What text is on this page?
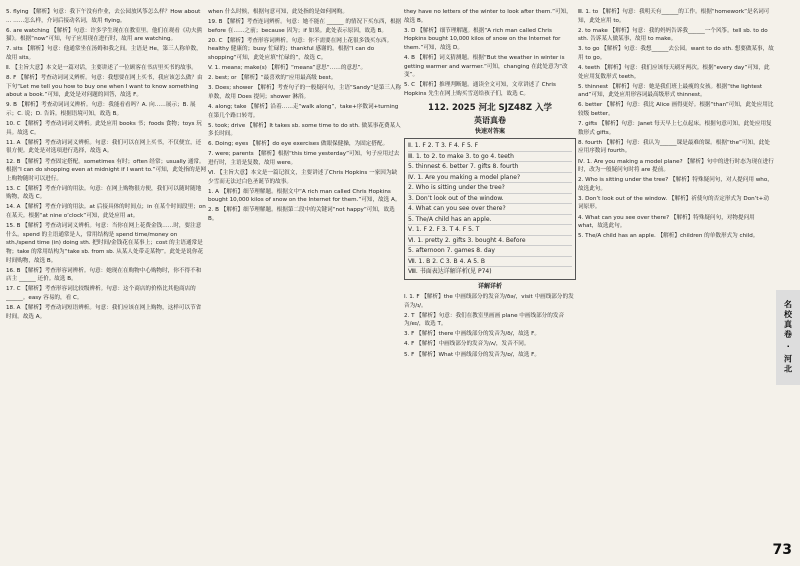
5. flying 【解析】句意：我下午没有作业，去公园放风筝怎么样？How about ... ……怎么样，介词后接动名词，故用 flying。

6. are watching 【解析】句意：许多学生现在在教室里。他们在观看《功夫熊猫》。根据“now”可知，句子应用现在进行时，故用 are watching。

7. sits 【解析】句意：他通常坐在汤姆和我之间。主语是 He，第三人称单数，故用 sits。

Ⅱ. 【主旨大意】本文是一篇对话，主要讲述了一位顾客在书店里买书的故事。

8. F 【解析】考查动词词义辨析。句意：我想要在网上买书，我应该怎么做？由下句“Let me tell you how to buy one when I want to know something about a book.”可知，此处是对问题的回答，故选 F。

9. B 【解析】考查动词词义辨析。句意：我能看看吗？A. 向……展示；B. 展示；C. 说；D. 告诉。根据语境可知，故选 B。

10. C 【解析】考查动词词义辨析。此处应用 books 书；foods 食物；toys 玩具。故选 C。

11. A 【解析】考查动词词义辨析。句意：我们可以在网上买书，不仅便宜，还很方便。此处是对选项进行选择，故选 A。

12. B 【解析】考查固定搭配。sometimes 有时；often 经常；usually 通常。根据“I can do shopping even at midnight if I want to.”可知，此处指的是网上购物随时可以进行。

13. C 【解析】考查介词的用法。句意：在网上购物很方便，我们可以随时随地购物，故选 C。

14. A 【解析】考查介词的用法。at 后接具体的时间点；in 在某个时间段里；on 在某天。根据“at nine o’clock”可知，此处应用 at。

15. B 【解析】考查动词词义辨析。句意：当你在网上花费金钱……时，要注意什么。spend 的主语通常是人，常用结构是 spend time/money on sth./spend time (in) doing sth. 把时间/金钱花在某事上；cost 的主语通常是物；take 的常用结构为“take sb. from sb. 从某人处带走某物”。此处是说你花时间购物，故选 B。

16. B 【解析】考查形容词辨析。句意：她现在在购物中心购物时，你不得不和店主 ______ 还价。故选 B。

17. C 【解析】考查形容词比较级辨析。句意：这个商店的价格比其他商店的 ______。easy 容易的，看 C。

18. A 【解析】考查动词短语辨析。句意：我们应该在网上购物，这样可以节省时间。故选 A。

when 什么时候，根据句意可知，此处指的是如何网购。

19. B 【解析】考查连词辨析。句意：她不能在 ______ 的情况下买东西，根据 before 在……之前；because 因为；if 如果。此处表示原因，故选 B。

20. C 【解析】考查形容词辨析。句意：你不需要在网上花很多钱买东西。healthy 健康的；busy 忙碌的；thankful 感谢的。根据“I can do shopping”可知，此处应填“忙碌的”，故选 C。

V. 1. means; make(s) 【解析】“means”意思“……的意思”。

2. best; or 【解析】“最喜欢的”应用最高级 best。

3. Does; shower 【解析】考查句子的一般疑问句，主语“Sandy”是第三人称单数，故用 Does 提问；shower 淋浴。

4. along; take 【解析】沿着……走“walk along”，take+序数词+turning 在第几个路口转弯。

5. took; drive 【解析】It takes sb. some time to do sth. 做某事花费某人多长时间。

6. Doing; eyes 【解析】do eye exercises 做眼保健操，为固定搭配。

7. were; parents 【解析】根据“this time yesterday”可知，句子应用过去进行时，主语是复数，故用 were。

VI. 【主旨大意】本文是一篇记叙文，主要讲述了Chris Hopkins 一家因为缺少雪而无法过白色圣诞节的故事。

1. A 【解析】细节理解题。根据文中“A rich man called Chris Hopkins bought 10,000 kilos of snow on the Internet for them.”可知，故选 A。

2. B 【解析】细节理解题。根据第二段中的关键词“not happy”可知，故选 B。

they have no letters of the winter to look after them.”可知，故选 B。

3. D 【解析】细节理解题。根据“A rich man called Chris Hopkins bought 10,000 kilos of snow on the Internet for them.”可知，故选 D。

4. B 【解析】词义猜测题。根据“But the weather in winter is getting warmer and warmer.”可知，changing 在此处意为“改变”。

5. C 【解析】推理判断题。通读全文可知，文章讲述了 Chris Hopkins 先生在网上购买雪送给孩子们，故选 C。

112. 2025 河北 SJZ48Z 入学
英语真卷
快速对答案

Ⅱ. 1. F 2. T 3. F 4. F 5. F

Ⅲ. 1. to 2. to make 3. to go 4. teeth

5. thinnest 6. better 7. gifts 8. fourth

Ⅳ. 1. Are you making a model plane?

2. Who is sitting under the tree?

3. Don’t look out of the window.

4. What can you see over there?

5. The/A child has an apple.

Ⅴ. 1. F 2. F 3. T 4. F 5. T

Ⅵ. 1. pretty 2. gifts 3. bought 4. Before

5. afternoon 7. games 8. day

Ⅶ. 1. B 2. C 3. B 4. A 5. B

Ⅷ. 书面表达详解详析(见 P74)

详解详析

Ⅰ. 1. F 【解析】the 中画线部分的发音为/ðə/，visit 中画线部分的发音为/ɪ/。

2. T 【解析】句意：我们在教室里画画 plane 中画线部分的发音为/eɪ/，故选 T。

3. F 【解析】there 中画线部分的发音为/ð/，故选 F。

4. F 【解析】中画线部分的发音为/ʌ/，发音不同。

5. F 【解析】What 中画线部分的发音为/ɒ/，故选 F。

Ⅲ. 1. to 【解析】句意：我明天有______的工作。根据“homework”是名词可知，此处应用 to。

2. to make 【解析】句意：我的妈妈告诉我______一个风筝。tell sb. to do sth. 告诉某人做某事，故用 to make。

3. to go 【解析】句意：我想______去公园。want to do sth. 想要做某事，故用 to go。

4. teeth 【解析】句意：我们应该每天刷牙两次。根据“every day”可知，此处应用复数形式 teeth。

5. thinnest 【解析】句意：她是我们班上最瘦的女孩。根据“the lightest and”可知，此处应用形容词最高级形式 thinnest。

6. better 【解析】句意：我比 Alice 画得更好。根据“than”可知，此处应用比较级 better。

7. gifts 【解析】句意：Janet 每天早上七点起床。根据句意可知，此处应用复数形式 gifts。

8. fourth 【解析】句意：我认为______课是最难的课。根据“the”可知，此处应用序数词 fourth。

Ⅳ. 1. Are you making a model plane? 【解析】句中的进行时态为现在进行时，改为一般疑问句时将 are 提前。

2. Who is sitting under the tree? 【解析】特殊疑问句，对人提问用 who，故选此句。

3. Don’t look out of the window. 【解析】祈使句的否定形式为 Don’t+动词原形。

4. What can you see over there? 【解析】特殊疑问句，对物提问用 what，故选此句。

5. The/A child has an apple. 【解析】children 的单数形式为 child。

名校真卷 · 河北
73
